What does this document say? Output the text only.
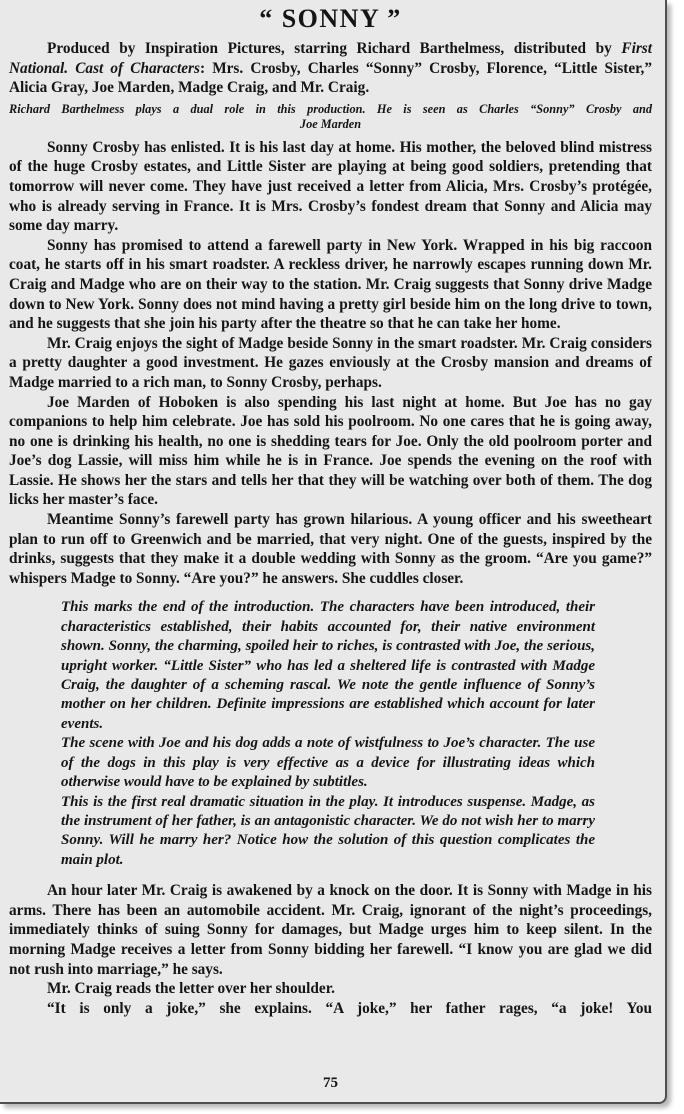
“ SONNY ”

Produced by Inspiration Pictures, starring Richard Barthelmess, distributed by First National. Cast of Characters: Mrs. Crosby, Charles “Sonny” Crosby, Florence, “Little Sister,” Alicia Gray, Joe Marden, Madge Craig, and Mr. Craig.

Richard Barthelmess plays a dual role in this production. He is seen as Charles “Sonny” Crosby and
Joe Marden

Sonny Crosby has enlisted. It is his last day at home. His mother, the beloved blind mistress of the huge Crosby estates, and Little Sister are playing at being good soldiers, pretending that tomorrow will never come. They have just received a letter from Alicia, Mrs. Crosby’s protégée, who is already serving in France. It is Mrs. Crosby’s fondest dream that Sonny and Alicia may some day marry.

Sonny has promised to attend a farewell party in New York. Wrapped in his big raccoon coat, he starts off in his smart roadster. A reckless driver, he narrowly escapes running down Mr. Craig and Madge who are on their way to the station. Mr. Craig suggests that Sonny drive Madge down to New York. Sonny does not mind having a pretty girl beside him on the long drive to town, and he suggests that she join his party after the theatre so that he can take her home.

Mr. Craig enjoys the sight of Madge beside Sonny in the smart roadster. Mr. Craig considers a pretty daughter a good investment. He gazes enviously at the Crosby mansion and dreams of Madge married to a rich man, to Sonny Crosby, perhaps.

Joe Marden of Hoboken is also spending his last night at home. But Joe has no gay companions to help him celebrate. Joe has sold his poolroom. No one cares that he is going away, no one is drinking his health, no one is shedding tears for Joe. Only the old poolroom porter and Joe’s dog Lassie, will miss him while he is in France. Joe spends the evening on the roof with Lassie. He shows her the stars and tells her that they will be watching over both of them. The dog licks her master’s face.

Meantime Sonny’s farewell party has grown hilarious. A young officer and his sweetheart plan to run off to Greenwich and be married, that very night. One of the guests, inspired by the drinks, suggests that they make it a double wedding with Sonny as the groom. “Are you game?” whispers Madge to Sonny. “Are you?” he answers. She cuddles closer.

This marks the end of the introduction. The characters have been introduced, their characteristics established, their habits accounted for, their native environment shown. Sonny, the charming, spoiled heir to riches, is contrasted with Joe, the serious, upright worker. “Little Sister” who has led a sheltered life is contrasted with Madge Craig, the daughter of a scheming rascal. We note the gentle influence of Sonny’s mother on her children. Definite impressions are established which account for later events.

The scene with Joe and his dog adds a note of wistfulness to Joe’s character. The use of the dogs in this play is very effective as a device for illustrating ideas which otherwise would have to be explained by subtitles.

This is the first real dramatic situation in the play. It introduces suspense. Madge, as the instrument of her father, is an antagonistic character. We do not wish her to marry Sonny. Will he marry her? Notice how the solution of this question complicates the main plot.

An hour later Mr. Craig is awakened by a knock on the door. It is Sonny with Madge in his arms. There has been an automobile accident. Mr. Craig, ignorant of the night’s proceedings, immediately thinks of suing Sonny for damages, but Madge urges him to keep silent. In the morning Madge receives a letter from Sonny bidding her farewell. “I know you are glad we did not rush into marriage,” he says.

Mr. Craig reads the letter over her shoulder.

“It is only a joke,” she explains. “A joke,” her father rages, “a joke! You

75
